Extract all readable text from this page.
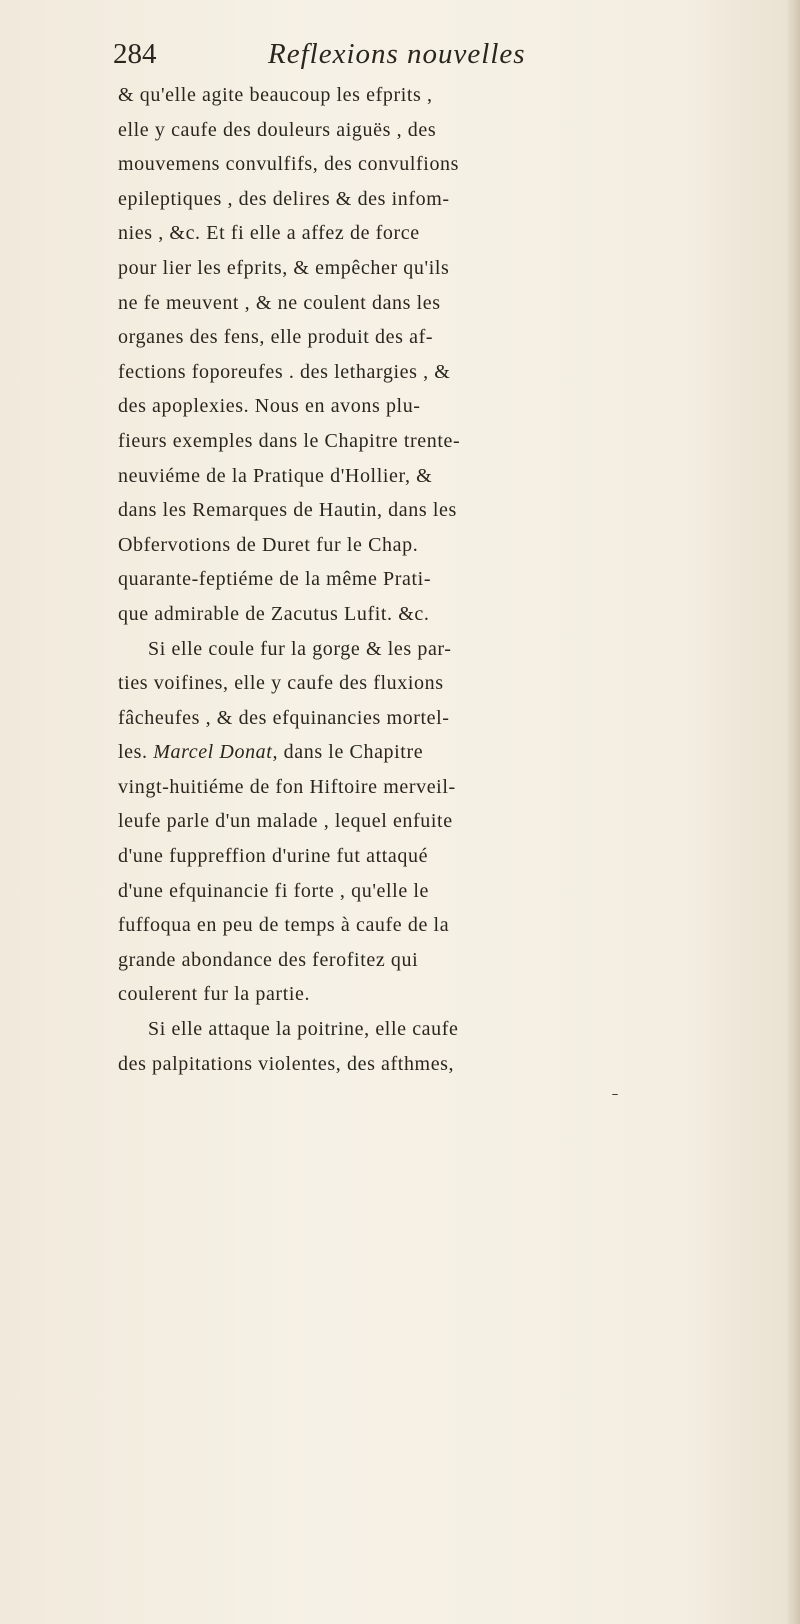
284	Reflexions nouvelles
& qu'elle agite beaucoup les efprits ,
elle y caufe des douleurs aiguës , des
mouvemens convulfifs, des convulfions
epileptiques , des delires & des infom-
nies , &c. Et fi elle a affez de force
pour lier les efprits, & empêcher qu'ils
ne fe meuvent , & ne coulent dans les
organes des fens, elle produit des af-
fections foporeufes . des lethargies , &
des apoplexies. Nous en avons plu-
fieurs exemples dans le Chapitre trente-
neuviéme de la Pratique d'Hollier, &
dans les Remarques de Hautin, dans les
Obfervotions de Duret fur le Chap.
quarante-feptiéme de la même Prati-
que admirable de Zacutus Lufit. &c.
Si elle coule fur la gorge & les par-
ties voifines, elle y caufe des fluxions
fâcheufes , & des efquinancies mortel-
les. Marcel Donat, dans le Chapitre
vingt-huitiéme de fon Hiftoire merveil-
leufe parle d'un malade , lequel enfuite
d'une fuppreffion d'urine fut attaqué
d'une efquinancie fi forte , qu'elle le
fuffoqua en peu de temps à caufe de la
grande abondance des ferofitez qui
coulerent fur la partie.
Si elle attaque la poitrine, elle caufe
des palpitations violentes, des afthmes,
˗
